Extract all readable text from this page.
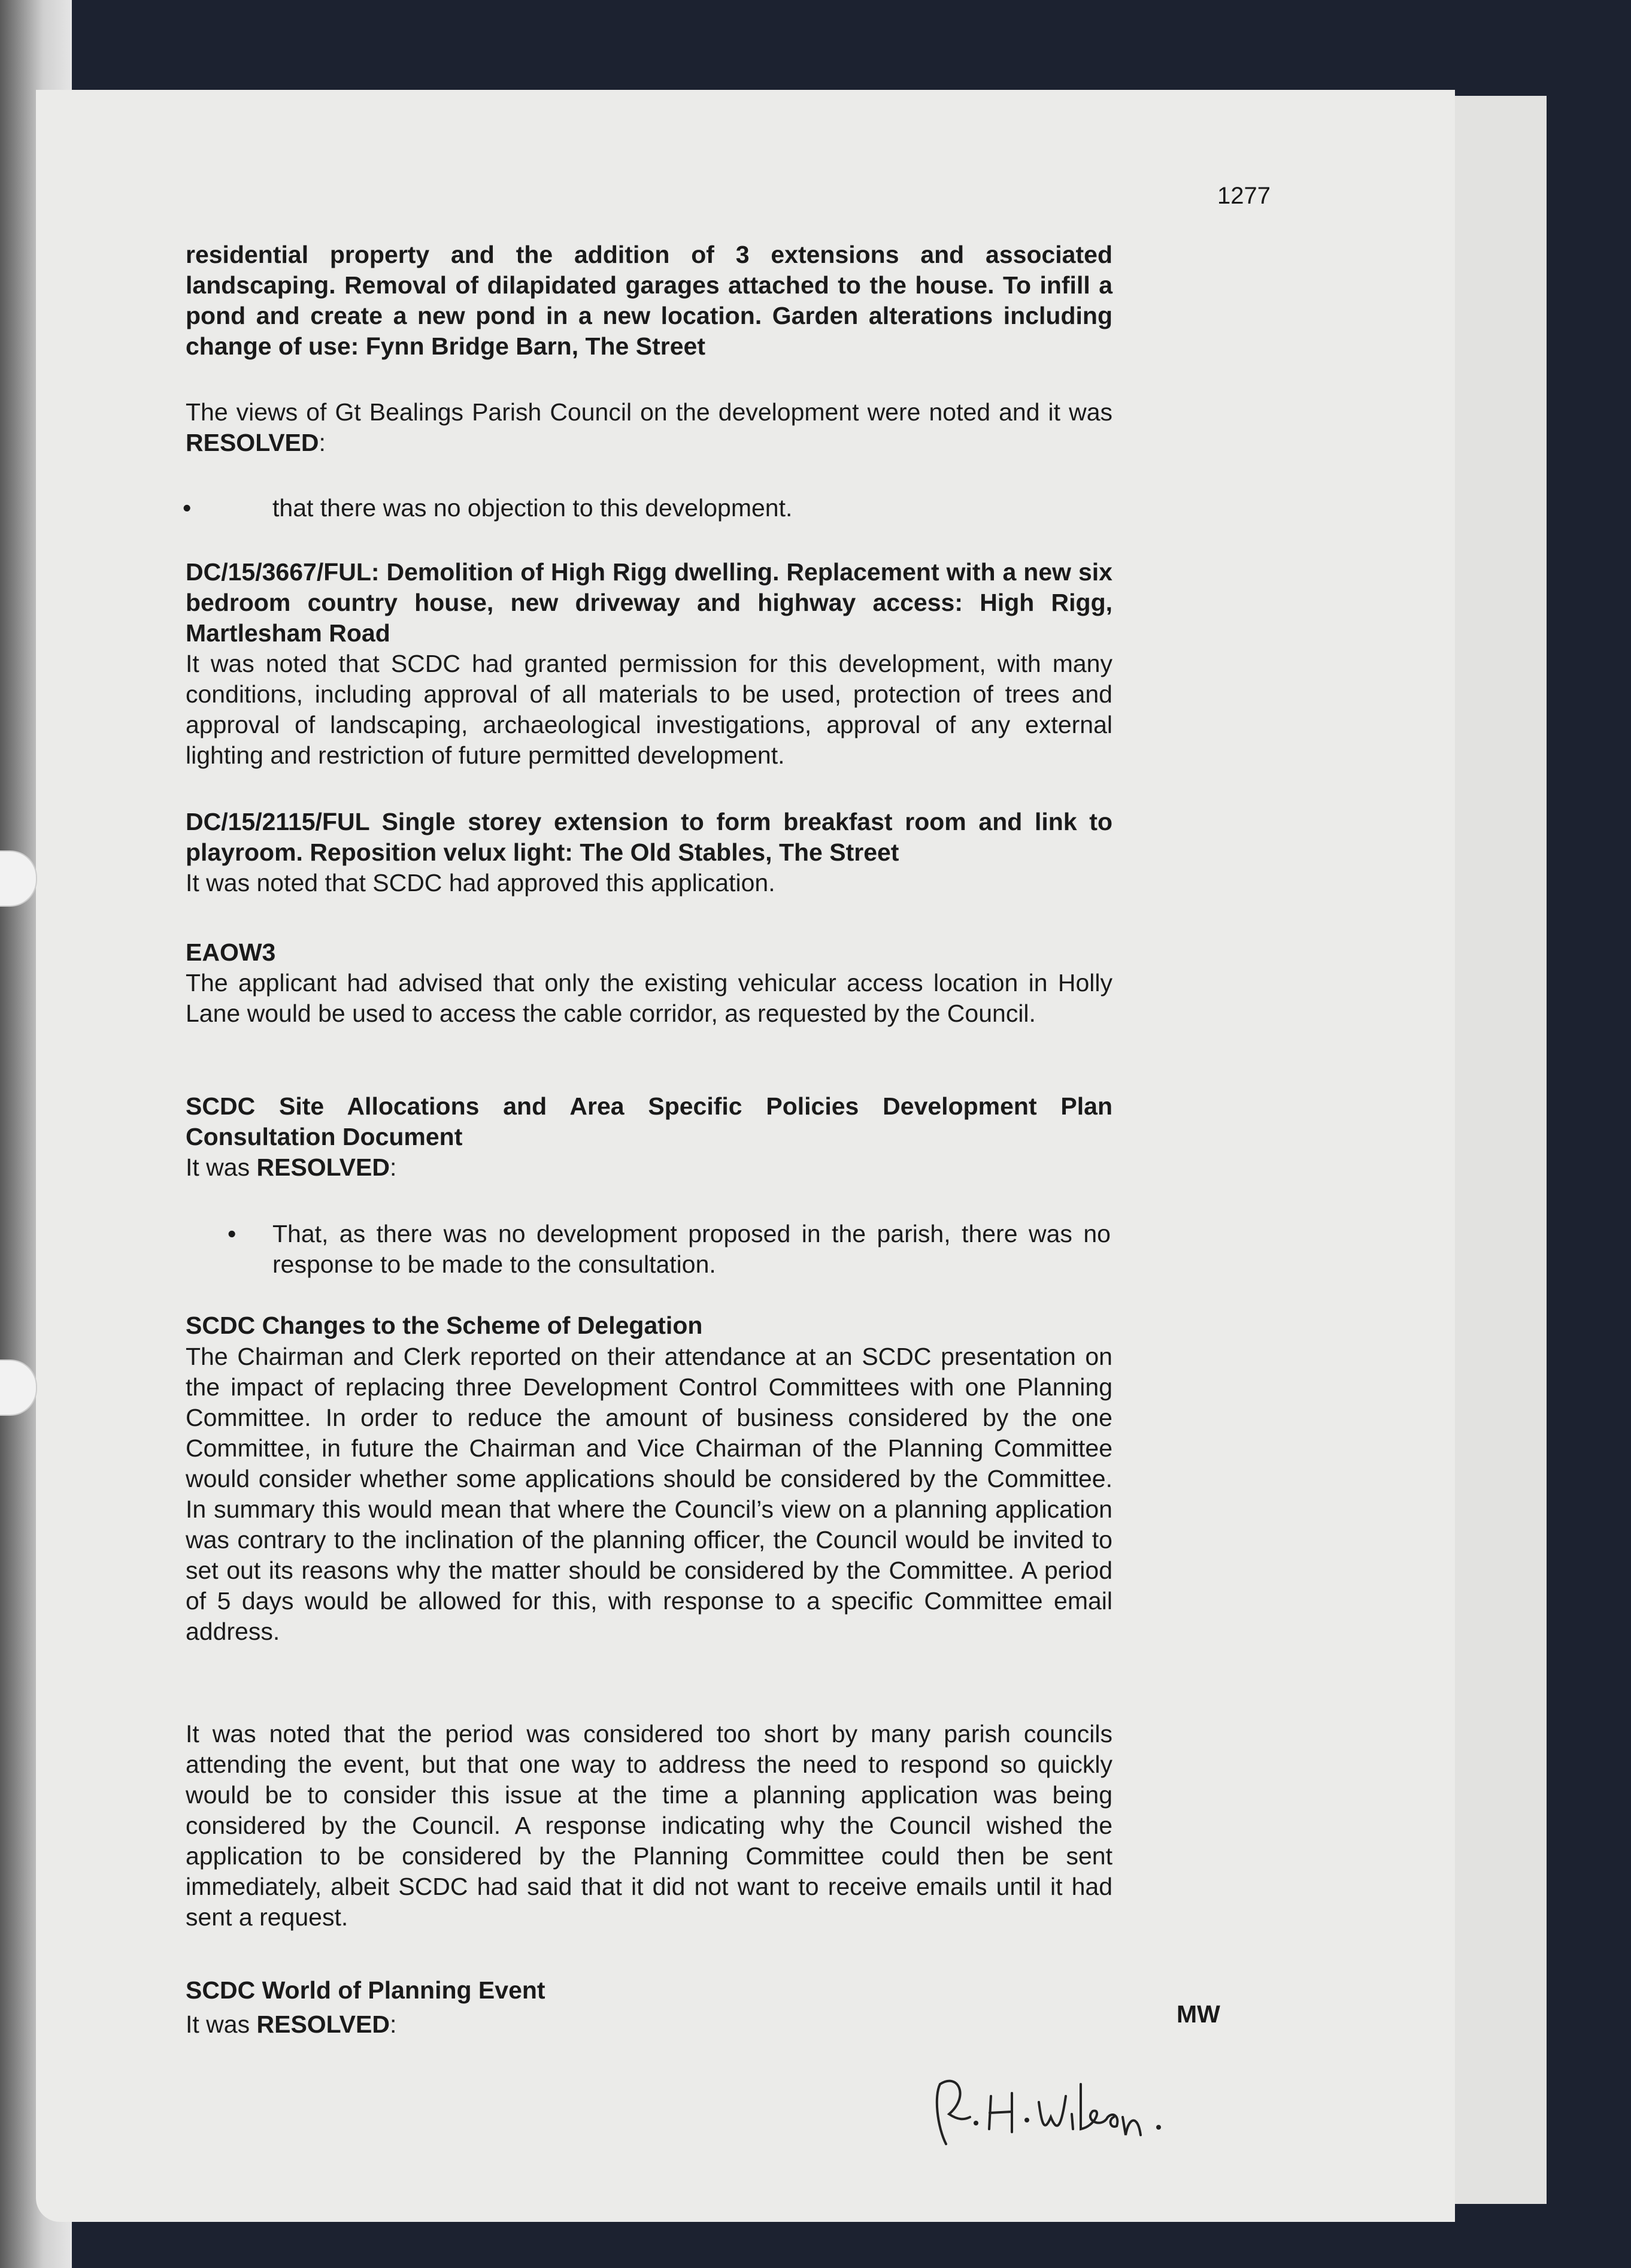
1277
residential property and the addition of 3 extensions and associated landscaping. Removal of dilapidated garages attached to the house. To infill a pond and create a new pond in a new location. Garden alterations including change of use: Fynn Bridge Barn, The Street
The views of Gt Bealings Parish Council on the development were noted and it was RESOLVED:
•	that there was no objection to this development.
DC/15/3667/FUL: Demolition of High Rigg dwelling. Replacement with a new six bedroom country house, new driveway and highway access: High Rigg, Martlesham Road
It was noted that SCDC had granted permission for this development, with many conditions, including approval of all materials to be used, protection of trees and approval of landscaping, archaeological investigations, approval of any external lighting and restriction of future permitted development.
DC/15/2115/FUL Single storey extension to form breakfast room and link to playroom. Reposition velux light: The Old Stables, The Street
It was noted that SCDC had approved this application.
EAOW3
The applicant had advised that only the existing vehicular access location in Holly Lane would be used to access the cable corridor, as requested by the Council.
SCDC Site Allocations and Area Specific Policies Development Plan Consultation Document
It was RESOLVED:
• That, as there was no development proposed in the parish, there was no response to be made to the consultation.
SCDC Changes to the Scheme of Delegation
The Chairman and Clerk reported on their attendance at an SCDC presentation on the impact of replacing three Development Control Committees with one Planning Committee. In order to reduce the amount of business considered by the one Committee, in future the Chairman and Vice Chairman of the Planning Committee would consider whether some applications should be considered by the Committee. In summary this would mean that where the Council’s view on a planning application was contrary to the inclination of the planning officer, the Council would be invited to set out its reasons why the matter should be considered by the Committee. A period of 5 days would be allowed for this, with response to a specific Committee email address.
It was noted that the period was considered too short by many parish councils attending the event, but that one way to address the need to respond so quickly would be to consider this issue at the time a planning application was being considered by the Council. A response indicating why the Council wished the application to be considered by the Planning Committee could then be sent immediately, albeit SCDC had said that it did not want to receive emails until it had sent a request.
SCDC World of Planning Event
It was RESOLVED:	MW
